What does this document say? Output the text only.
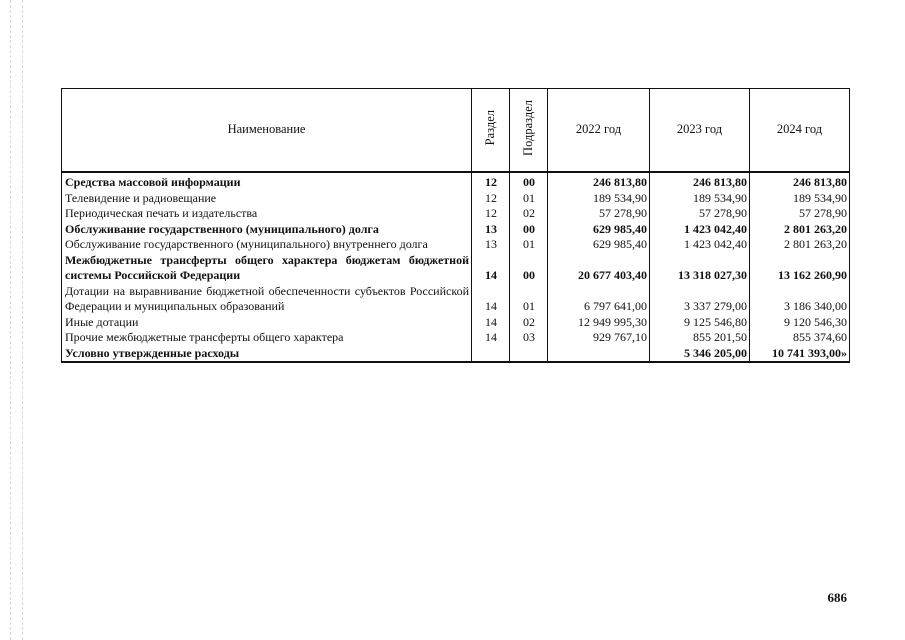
Наименование	Раздел	Подраздел	2022 год	2023 год	2024 год
Средства массовой информации	12	00	246 813,80	246 813,80	246 813,80
Телевидение и радиовещание	12	01	189 534,90	189 534,90	189 534,90
Периодическая печать и издательства	12	02	57 278,90	57 278,90	57 278,90
Обслуживание государственного (муниципального) долга	13	00	629 985,40	1 423 042,40	2 801 263,20
Обслуживание государственного (муниципального) внутреннего долга	13	01	629 985,40	1 423 042,40	2 801 263,20
Межбюджетные трансферты общего характера бюджетам бюджетной системы Российской Федерации	14	00	20 677 403,40	13 318 027,30	13 162 260,90
Дотации на выравнивание бюджетной обеспеченности субъектов Российской Федерации и муниципальных образований	14	01	6 797 641,00	3 337 279,00	3 186 340,00
Иные дотации	14	02	12 949 995,30	9 125 546,80	9 120 546,30
Прочие межбюджетные трансферты общего характера	14	03	929 767,10	855 201,50	855 374,60
Условно утвержденные расходы				5 346 205,00	10 741 393,00»
686
